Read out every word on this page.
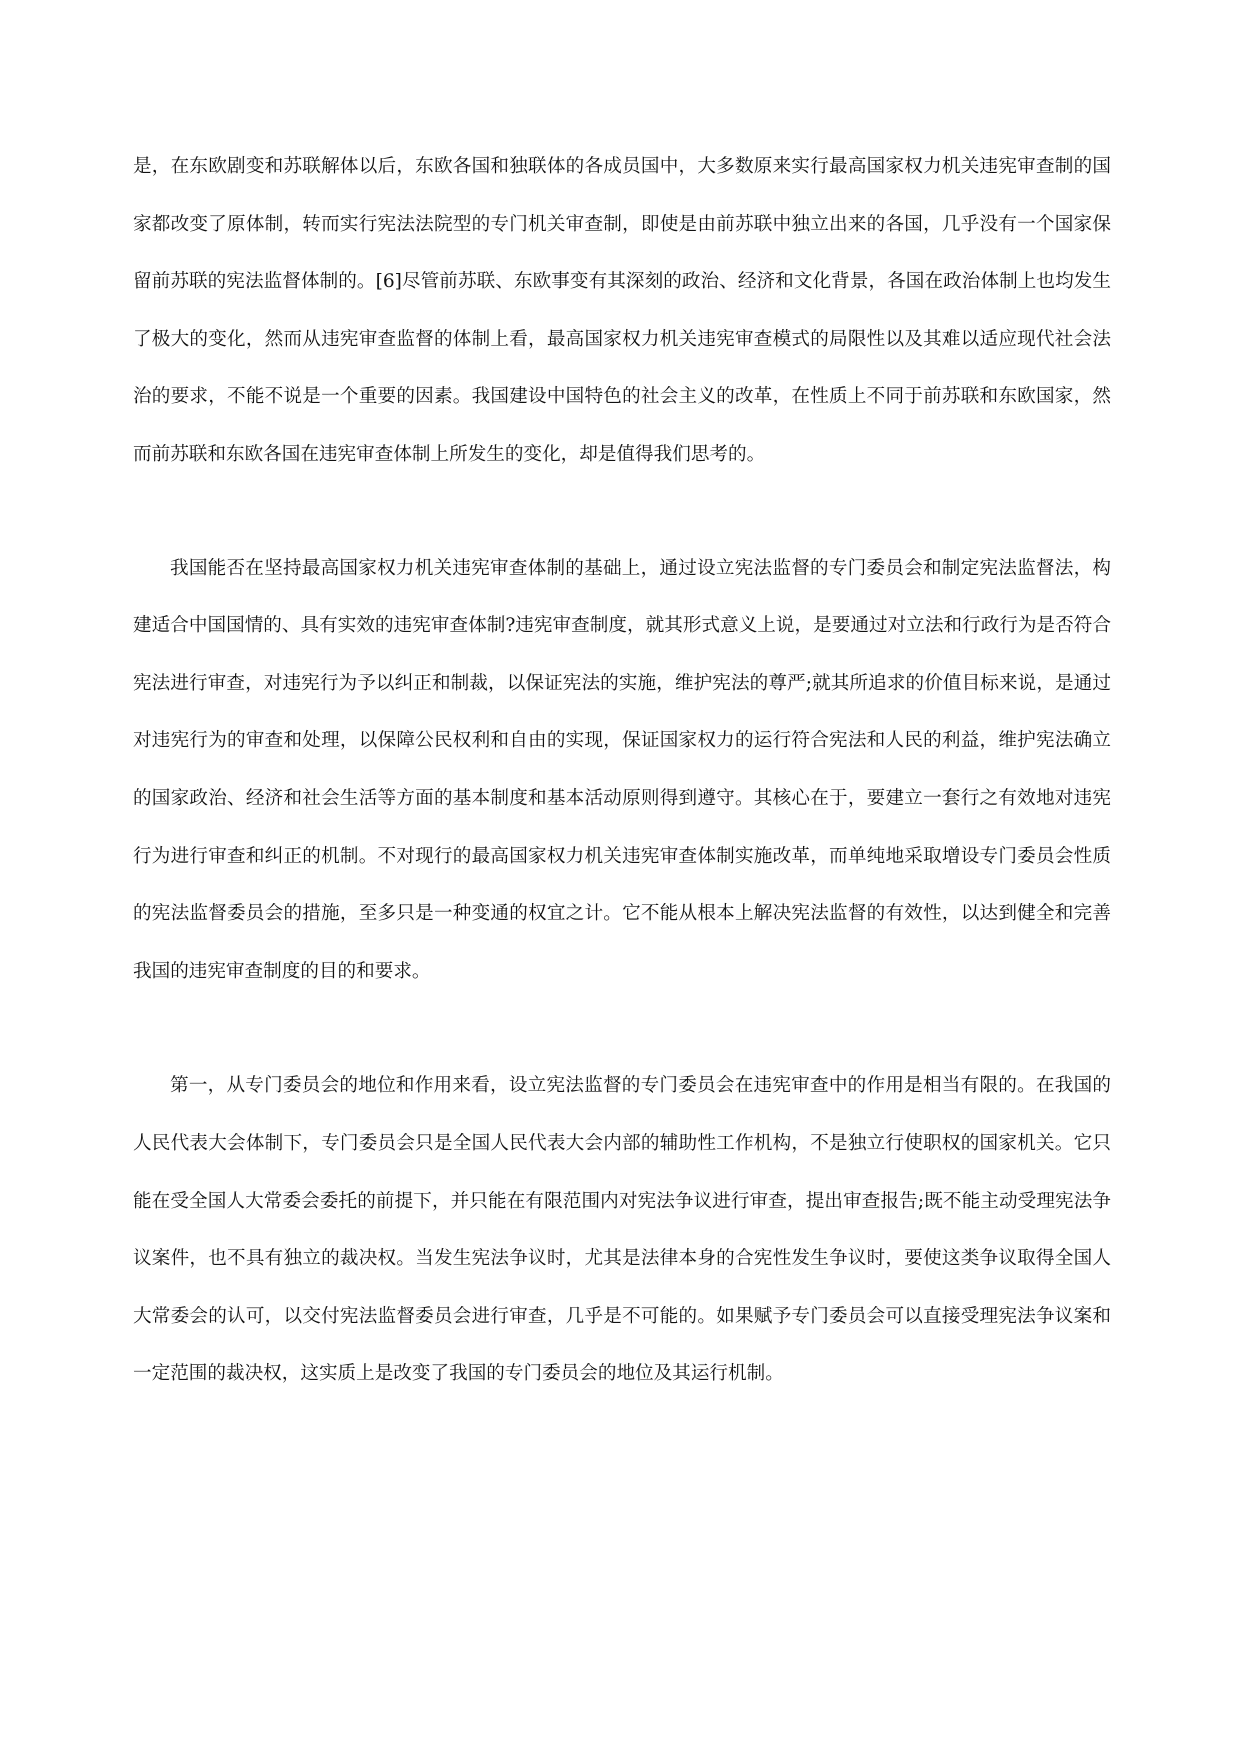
是，在东欧剧变和苏联解体以后，东欧各国和独联体的各成员国中，大多数原来实行最高国家权力机关违宪审查制的国家都改变了原体制，转而实行宪法法院型的专门机关审查制，即使是由前苏联中独立出来的各国，几乎没有一个国家保留前苏联的宪法监督体制的。[6]尽管前苏联、东欧事变有其深刻的政治、经济和文化背景，各国在政治体制上也均发生了极大的变化，然而从违宪审查监督的体制上看，最高国家权力机关违宪审查模式的局限性以及其难以适应现代社会法治的要求，不能不说是一个重要的因素。我国建设中国特色的社会主义的改革，在性质上不同于前苏联和东欧国家，然而前苏联和东欧各国在违宪审查体制上所发生的变化，却是值得我们思考的。

我国能否在坚持最高国家权力机关违宪审查体制的基础上，通过设立宪法监督的专门委员会和制定宪法监督法，构建适合中国国情的、具有实效的违宪审查体制?违宪审查制度，就其形式意义上说，是要通过对立法和行政行为是否符合宪法进行审查，对违宪行为予以纠正和制裁，以保证宪法的实施，维护宪法的尊严;就其所追求的价值目标来说，是通过对违宪行为的审查和处理，以保障公民权利和自由的实现，保证国家权力的运行符合宪法和人民的利益，维护宪法确立的国家政治、经济和社会生活等方面的基本制度和基本活动原则得到遵守。其核心在于，要建立一套行之有效地对违宪行为进行审查和纠正的机制。不对现行的最高国家权力机关违宪审查体制实施改革，而单纯地采取增设专门委员会性质的宪法监督委员会的措施，至多只是一种变通的权宜之计。它不能从根本上解决宪法监督的有效性，以达到健全和完善我国的违宪审查制度的目的和要求。

第一，从专门委员会的地位和作用来看，设立宪法监督的专门委员会在违宪审查中的作用是相当有限的。在我国的人民代表大会体制下，专门委员会只是全国人民代表大会内部的辅助性工作机构，不是独立行使职权的国家机关。它只能在受全国人大常委会委托的前提下，并只能在有限范围内对宪法争议进行审查，提出审查报告;既不能主动受理宪法争议案件，也不具有独立的裁决权。当发生宪法争议时，尤其是法律本身的合宪性发生争议时，要使这类争议取得全国人大常委会的认可，以交付宪法监督委员会进行审查，几乎是不可能的。如果赋予专门委员会可以直接受理宪法争议案和一定范围的裁决权，这实质上是改变了我国的专门委员会的地位及其运行机制。
